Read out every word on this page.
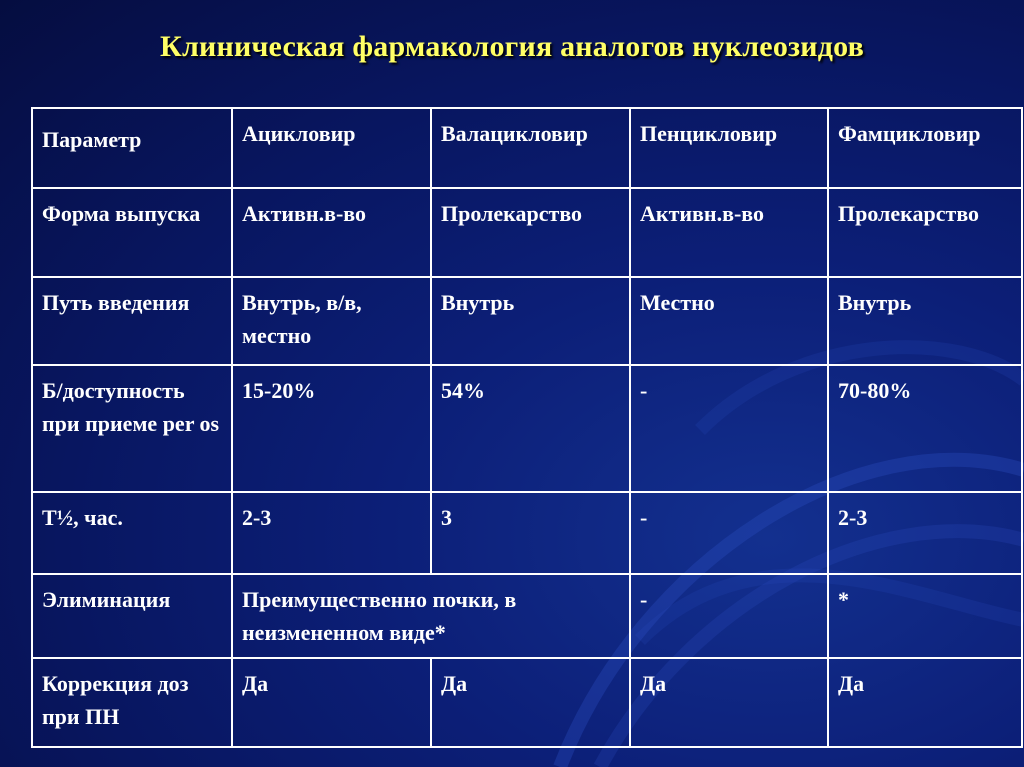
Клиническая фармакология аналогов нуклеозидов
Параметр	Ацикловир	Валацикловир	Пенцикловир	Фамцикловир
Форма выпуска	Активн.в-во	Пролекарство	Активн.в-во	Пролекарство
Путь введения	Внутрь, в/в, местно	Внутрь	Местно	Внутрь
Б/доступность при приеме per os	15-20%	54%	-	70-80%
T½, час.	2-3	3	-	2-3
Элиминация	Преимущественно почки, в неизмененном виде*		-	*
Коррекция доз при ПН	Да	Да	Да	Да
